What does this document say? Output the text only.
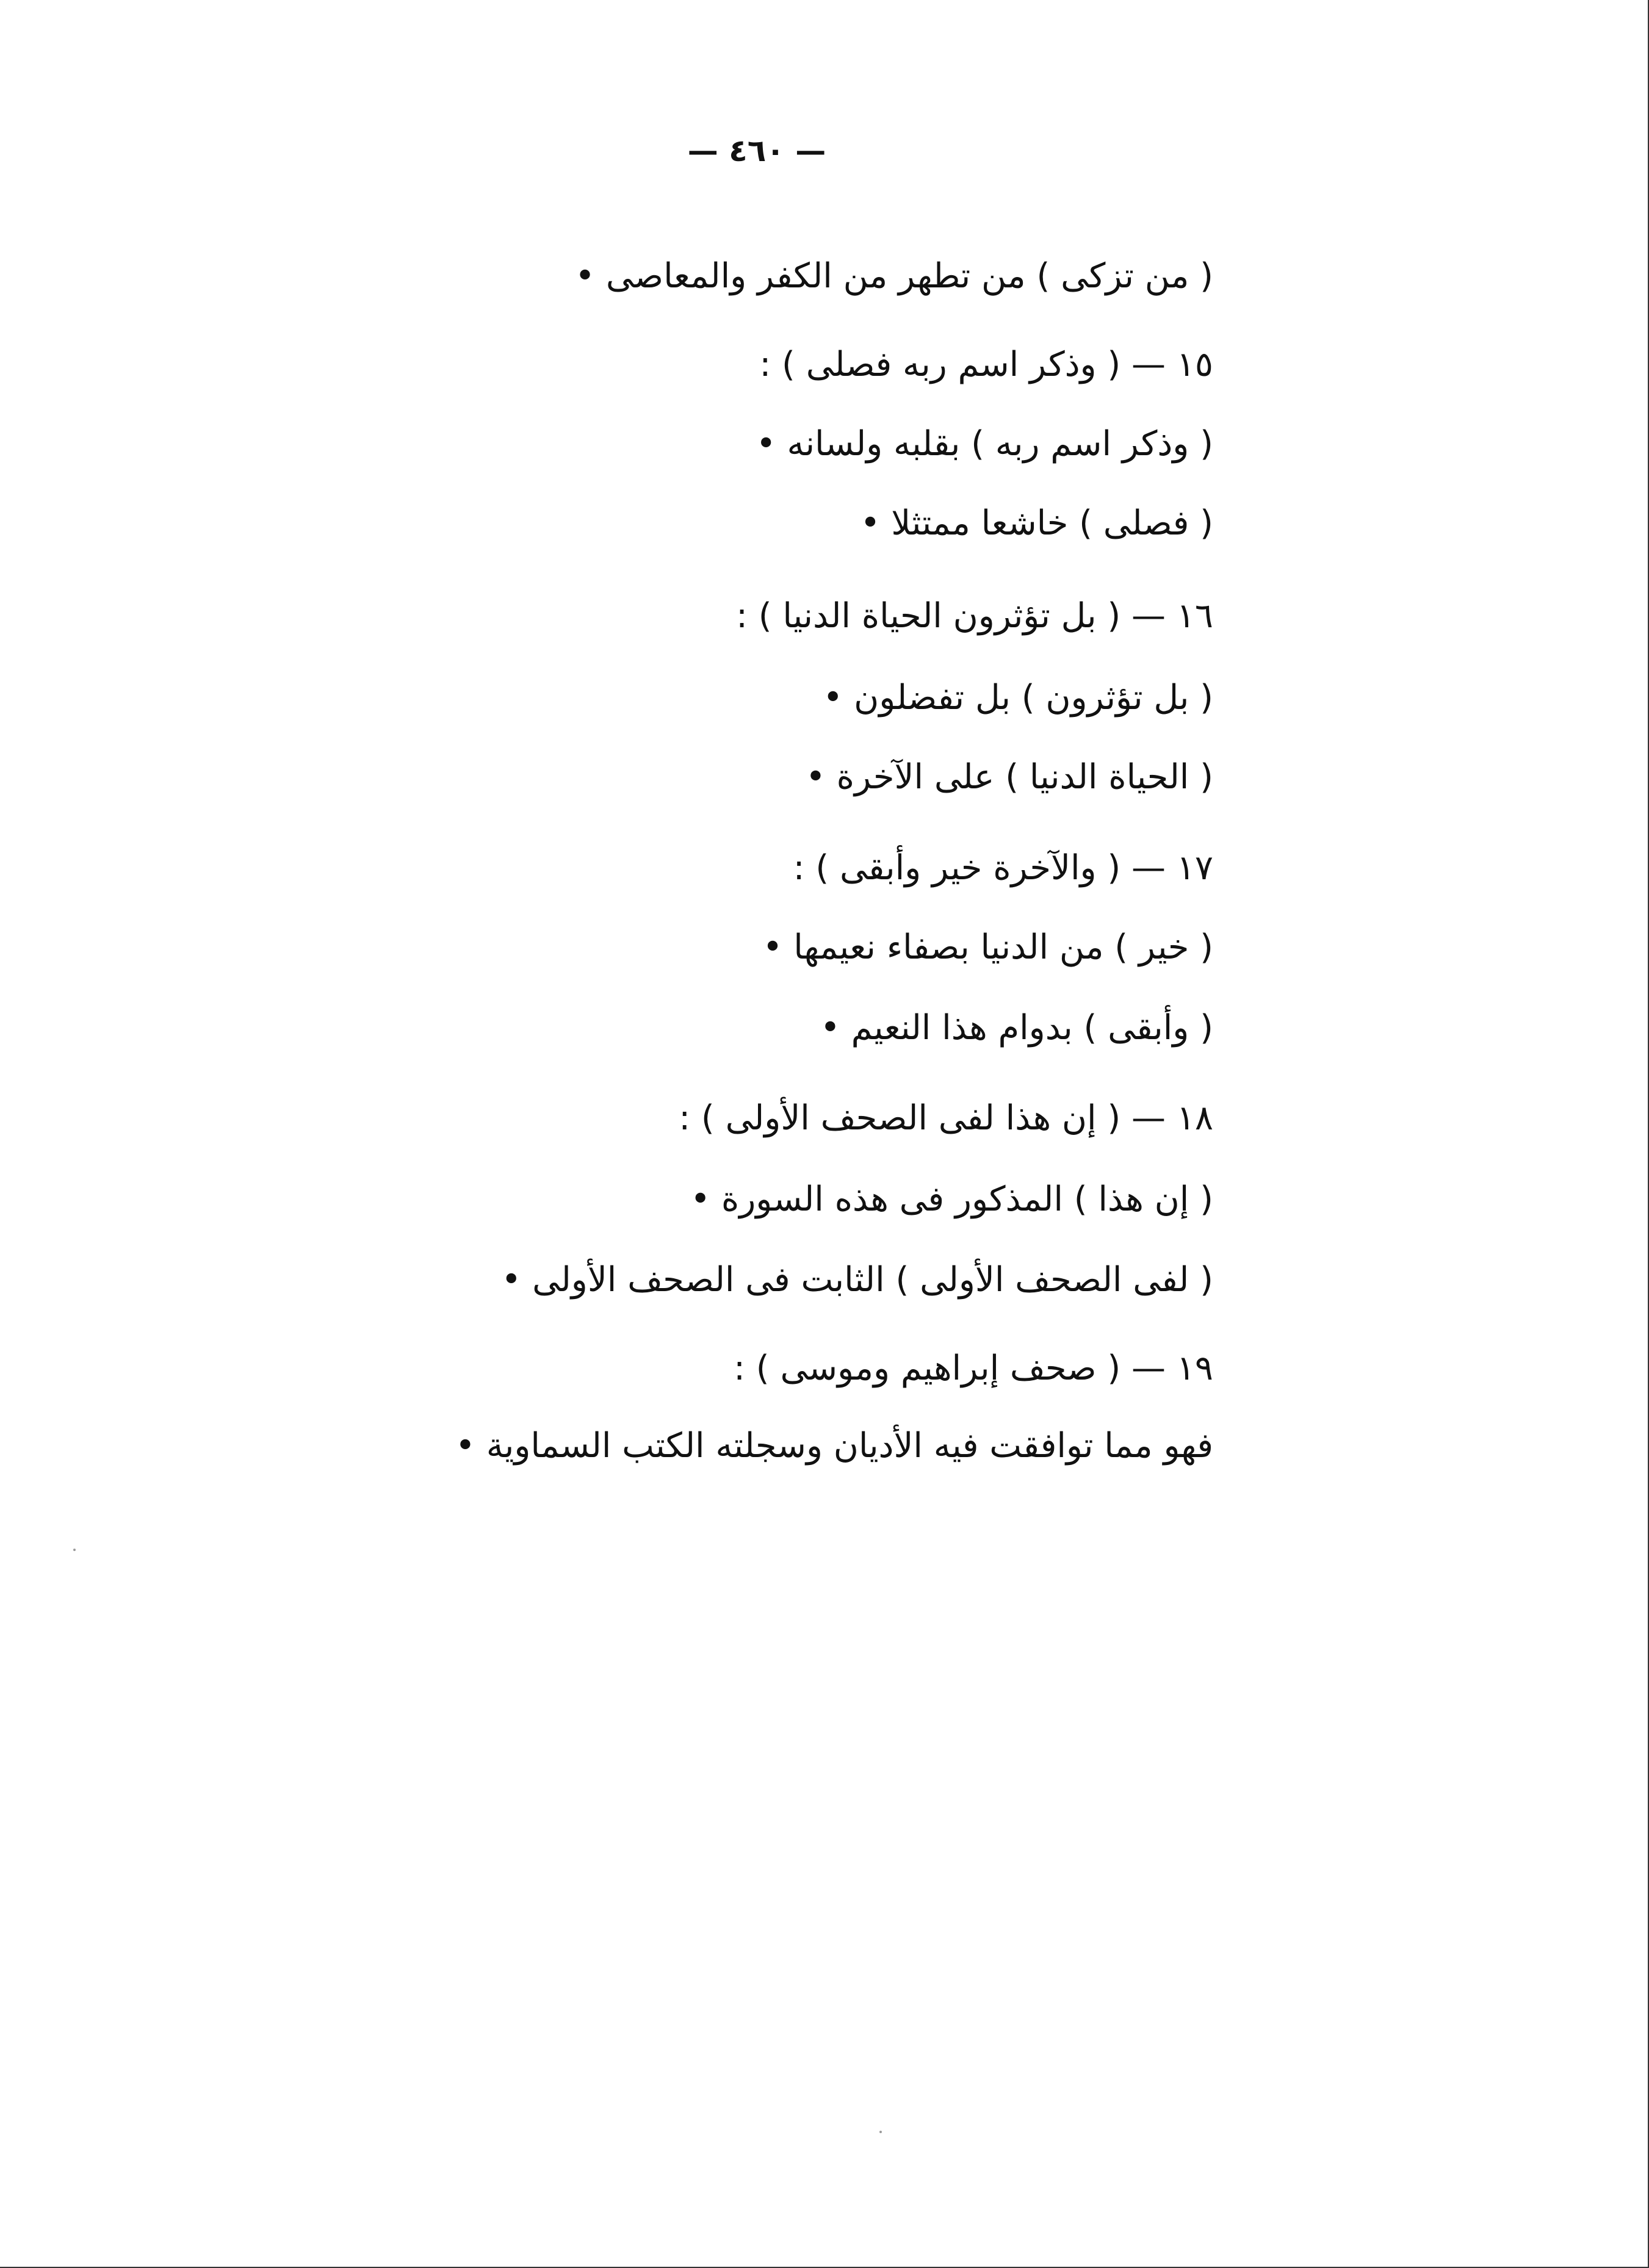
— ٤٦٠ —
( من تزكى ) من تطهر من الكفر والمعاصى •
١٥ — ( وذكر اسم ربه فصلى ) :
( وذكر اسم ربه ) بقلبه ولسانه •
( فصلى ) خاشعا ممتثلا •
١٦ — ( بل تؤثرون الحياة الدنيا ) :
( بل تؤثرون ) بل تفضلون •
( الحياة الدنيا ) على الآخرة •
١٧ — ( والآخرة خير وأبقى ) :
( خير ) من الدنيا بصفاء نعيمها •
( وأبقى ) بدوام هذا النعيم •
١٨ — ( إن هذا لفى الصحف الأولى ) :
( إن هذا ) المذكور فى هذه السورة •
( لفى الصحف الأولى ) الثابت فى الصحف الأولى •
١٩ — ( صحف إبراهيم وموسى ) :
فهو مما توافقت فيه الأديان وسجلته الكتب السماوية •
